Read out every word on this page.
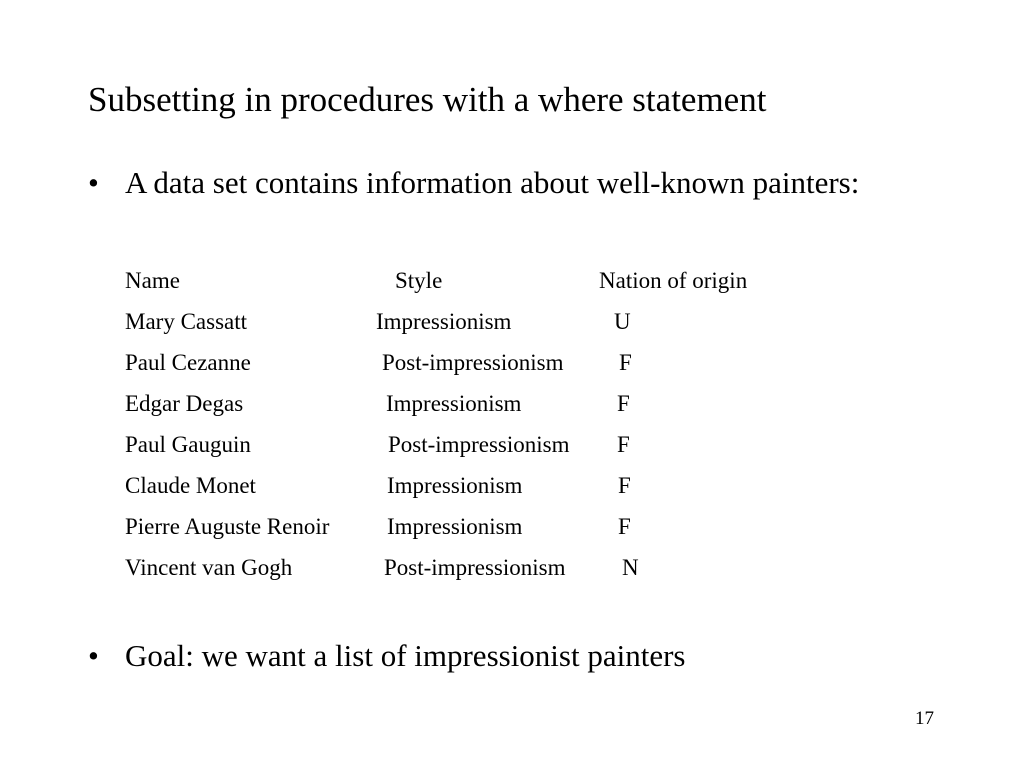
Subsetting in procedures with a where statement
• A data set contains information about well-known painters:
Name	Style	Nation of origin
Mary Cassatt	Impressionism	U
Paul Cezanne	Post-impressionism F
Edgar Degas	Impressionism	F
Paul Gauguin	Post-impressionism F
Claude Monet	Impressionism	F
Pierre Auguste Renoir	Impressionism	F
Vincent van Gogh	Post-impressionism N
• Goal: we want a list of impressionist painters
17
